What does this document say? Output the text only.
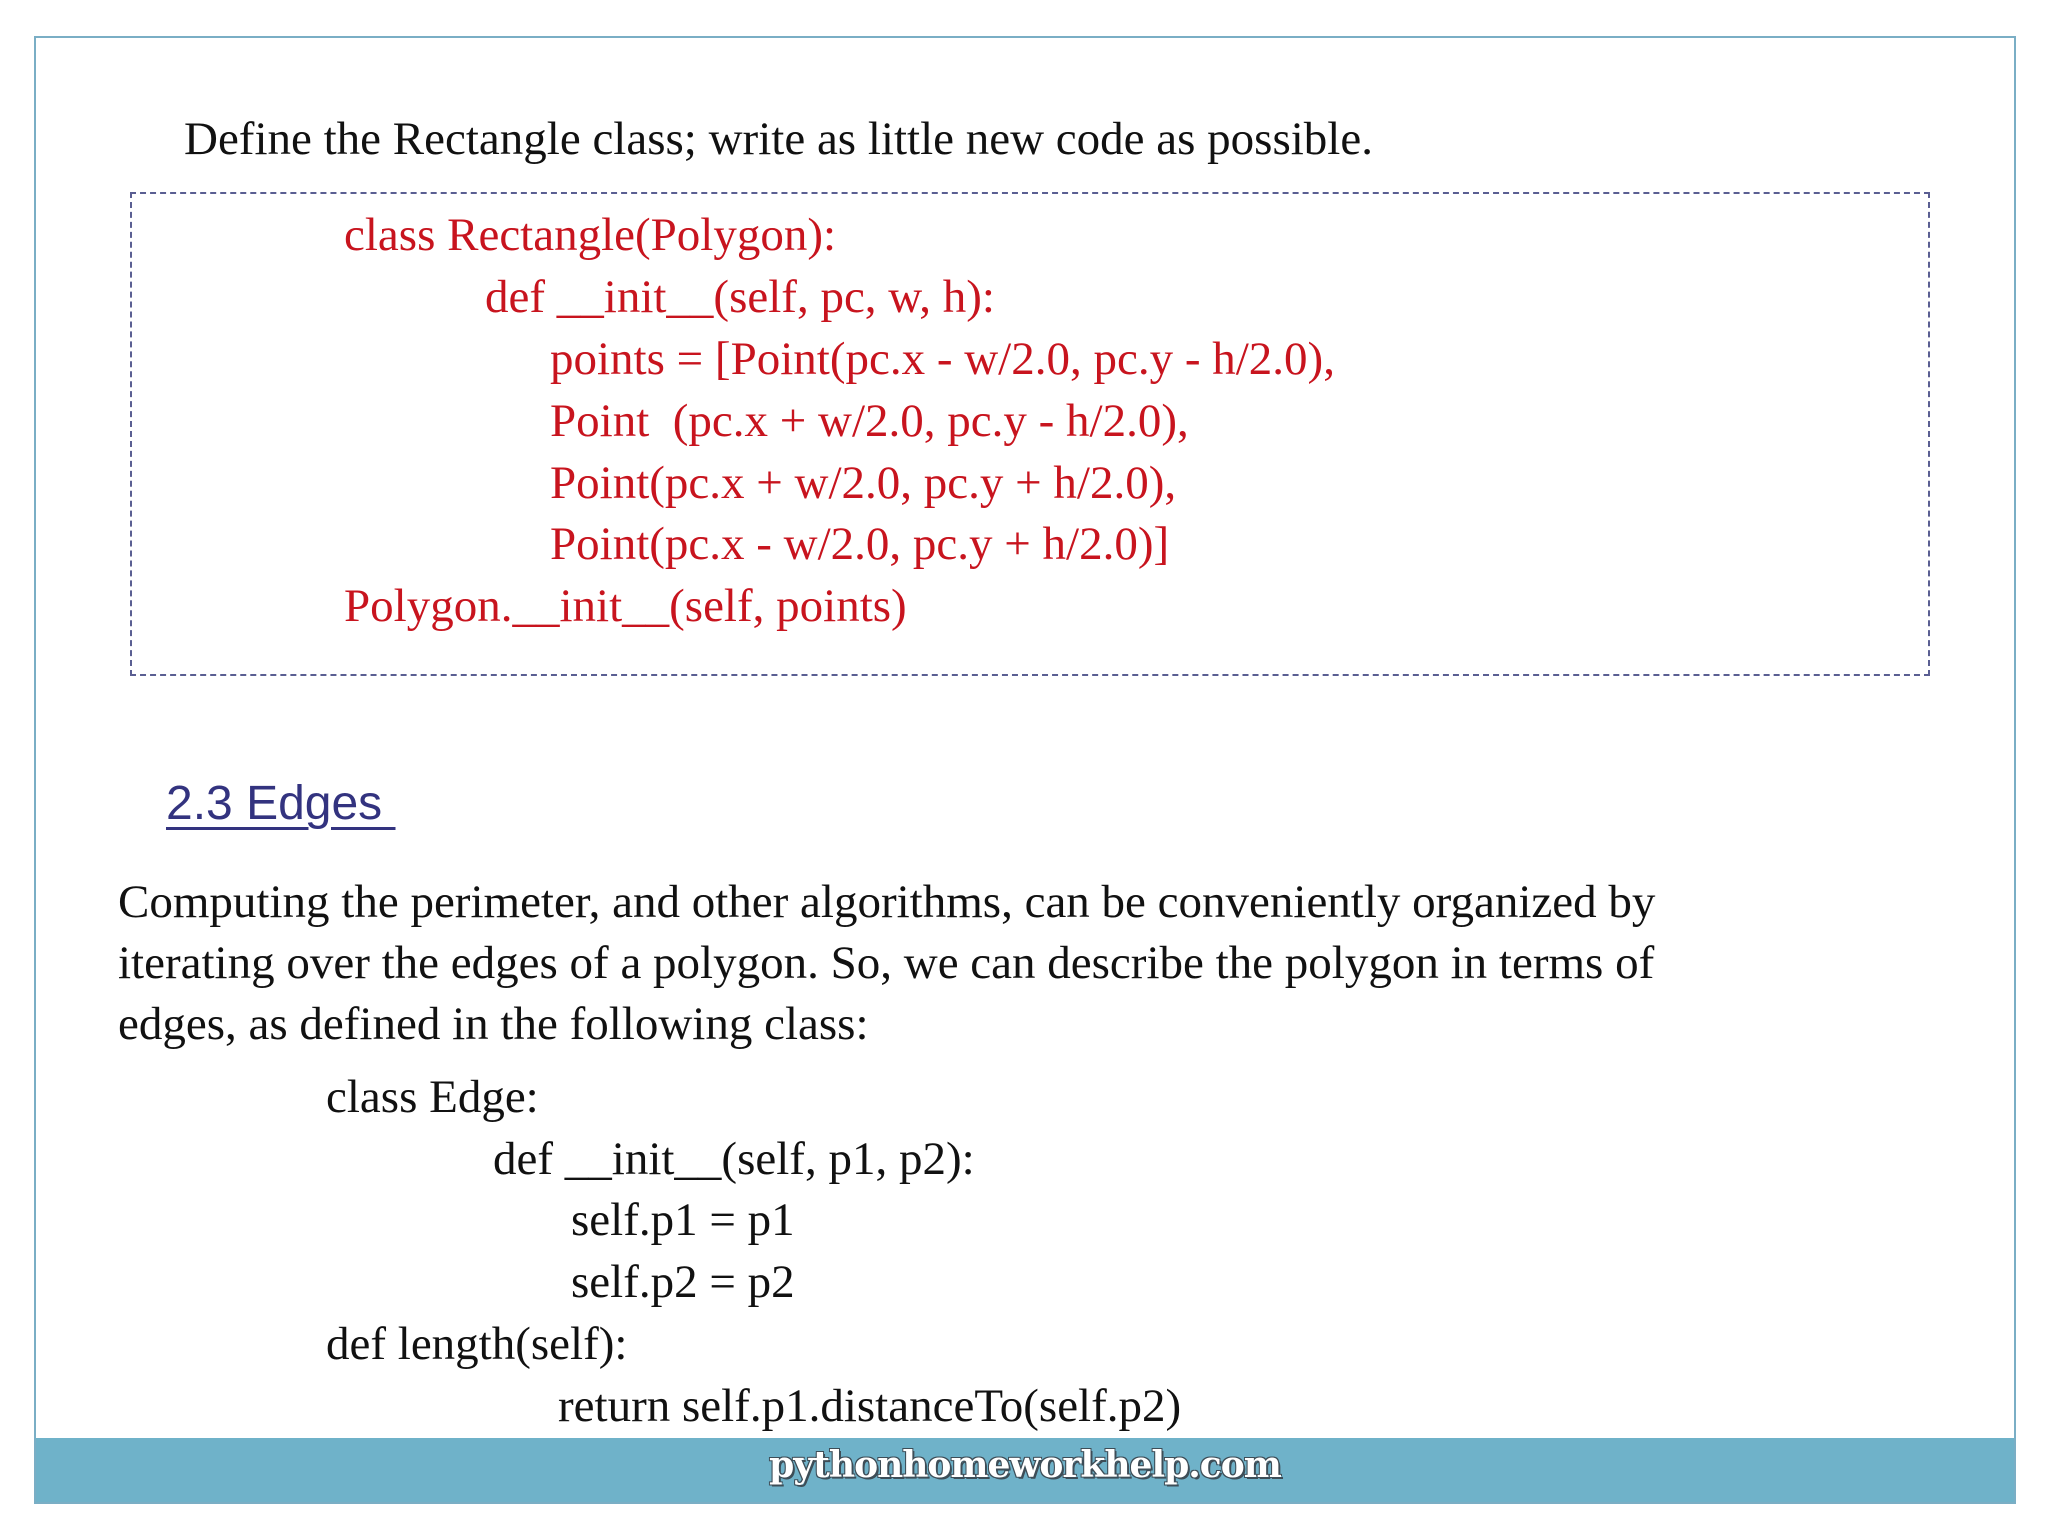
Define the Rectangle class; write as little new code as possible.
class Rectangle(Polygon):
def __init__(self, pc, w, h):
points = [Point(pc.x - w/2.0, pc.y - h/2.0),
Point  (pc.x + w/2.0, pc.y - h/2.0),
Point(pc.x + w/2.0, pc.y + h/2.0),
Point(pc.x - w/2.0, pc.y + h/2.0)]
Polygon.__init__(self, points)
2.3 Edges
Computing the perimeter, and other algorithms, can be conveniently organized by
iterating over the edges of a polygon. So, we can describe the polygon in terms of
edges, as defined in the following class:
class Edge:
def __init__(self, p1, p2):
self.p1 = p1
self.p2 = p2
def length(self):
return self.p1.distanceTo(self.p2)
pythonhomeworkhelp.com
